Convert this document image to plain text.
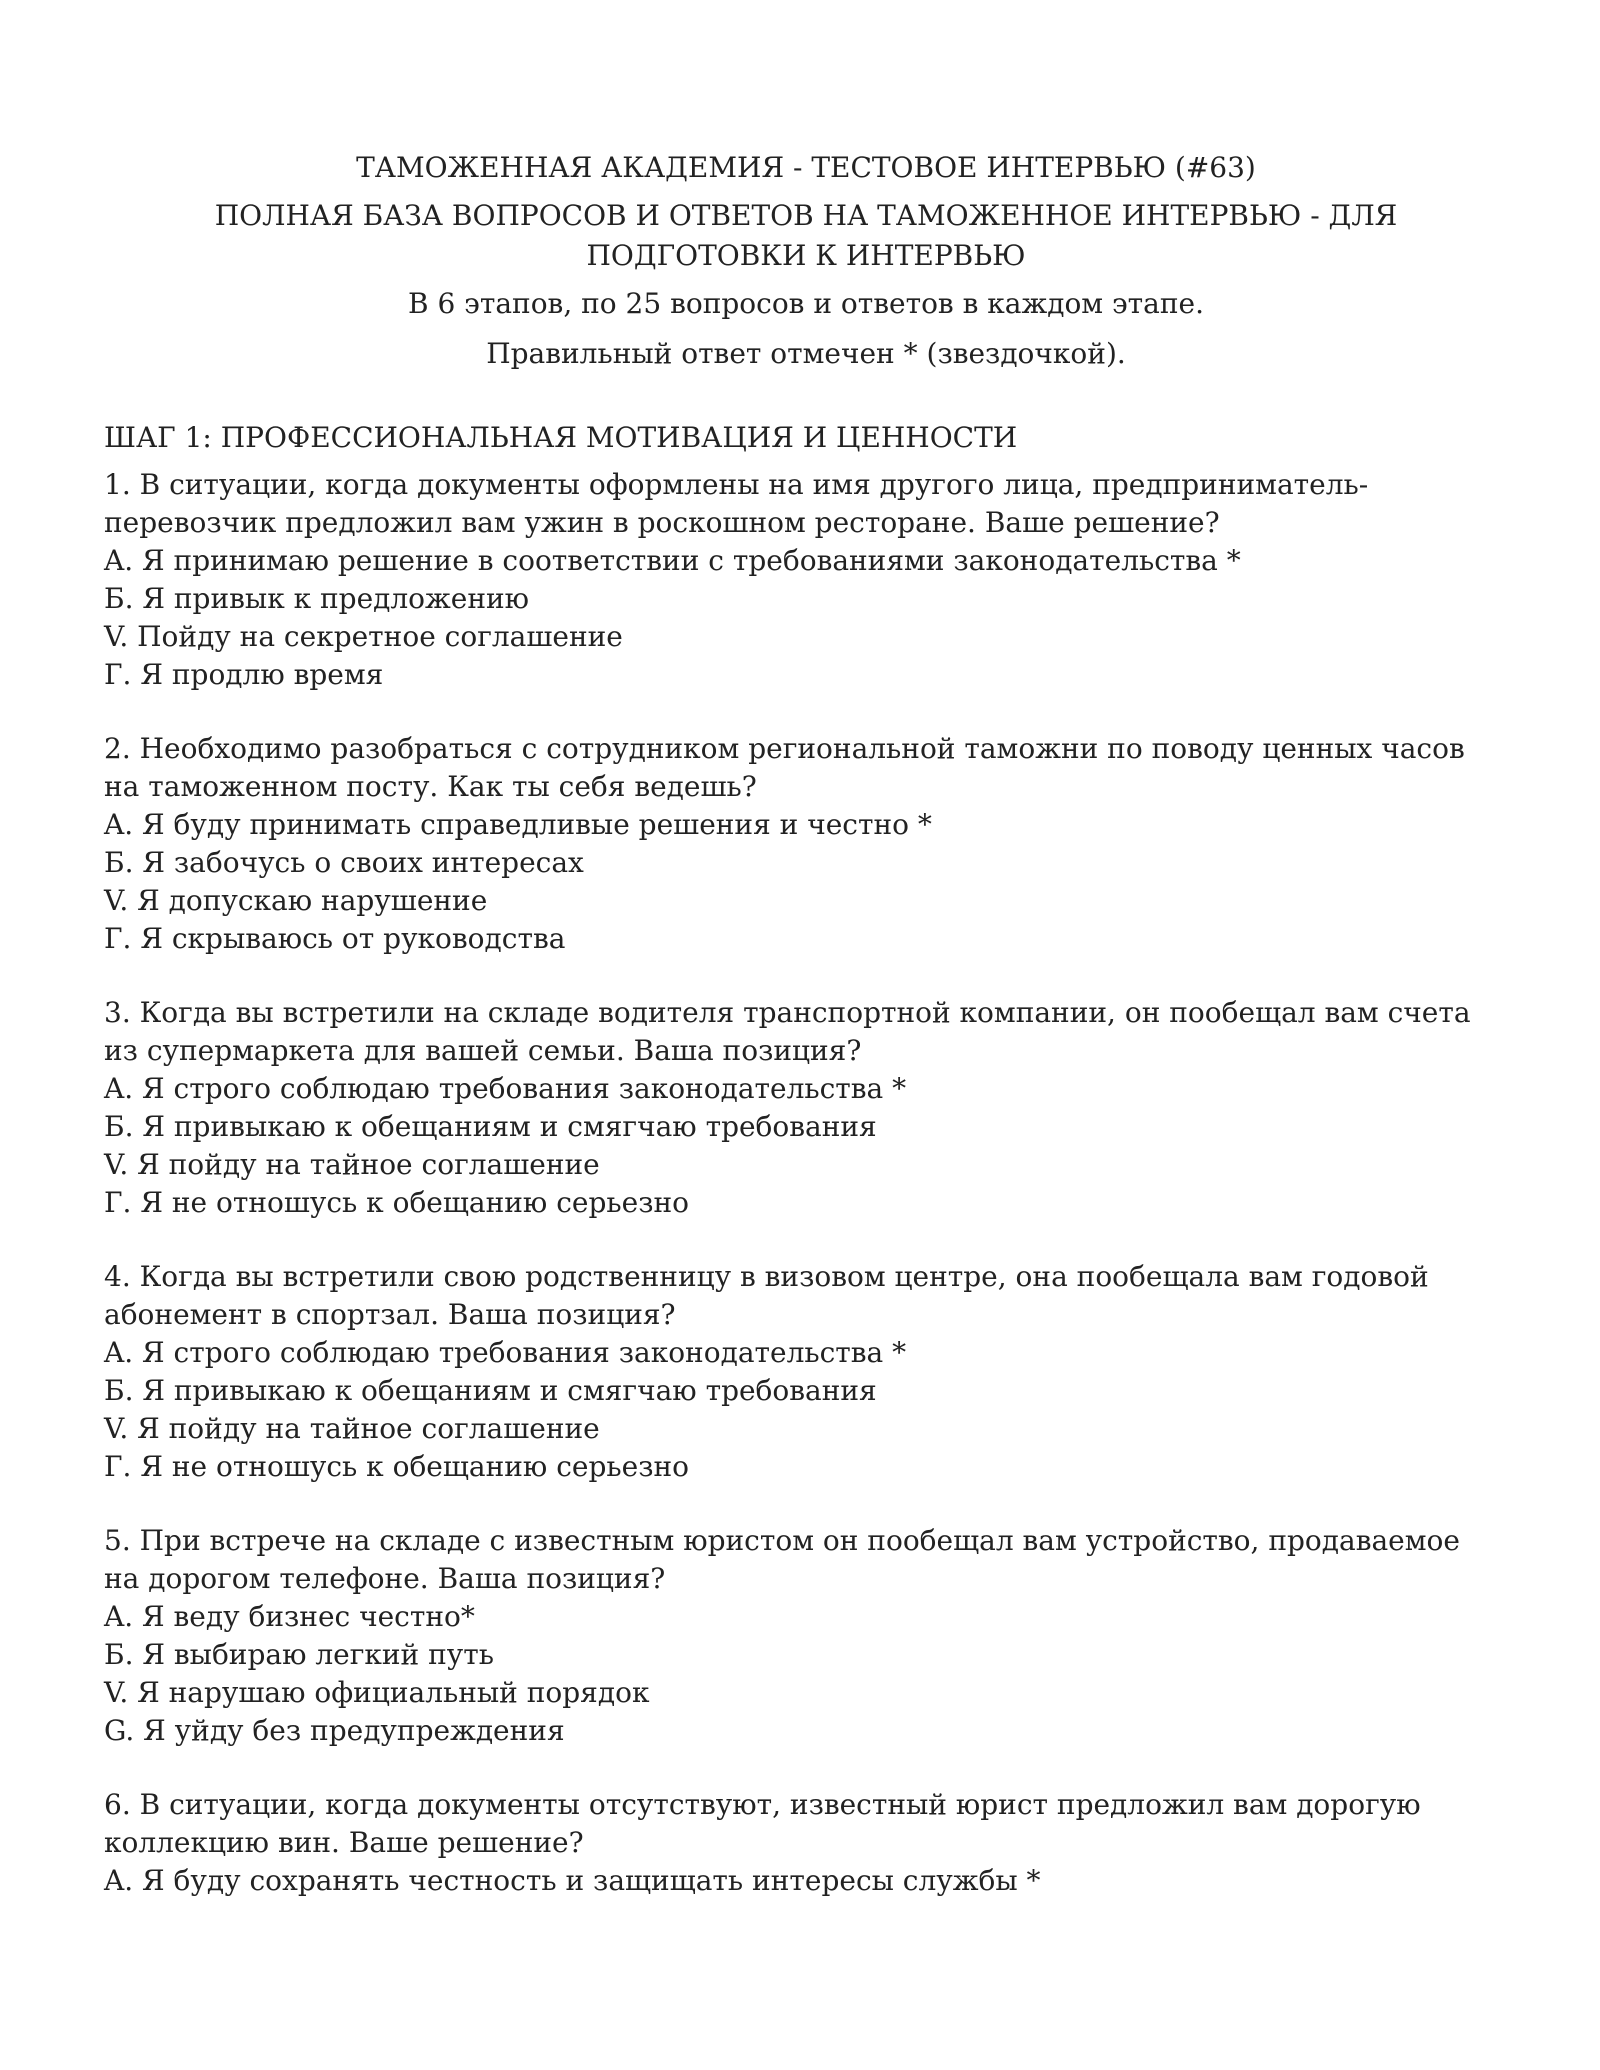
ТАМОЖЕННАЯ АКАДЕМИЯ - ТЕСТОВОЕ ИНТЕРВЬЮ (#63)

ПОЛНАЯ БАЗА ВОПРОСОВ И ОТВЕТОВ НА ТАМОЖЕННОЕ ИНТЕРВЬЮ - ДЛЯ ПОДГОТОВКИ К ИНТЕРВЬЮ

В 6 этапов, по 25 вопросов и ответов в каждом этапе.

Правильный ответ отмечен * (звездочкой).

ШАГ 1: ПРОФЕССИОНАЛЬНАЯ МОТИВАЦИЯ И ЦЕННОСТИ

1. В ситуации, когда документы оформлены на имя другого лица, предприниматель-перевозчик предложил вам ужин в роскошном ресторане. Ваше решение?

A. Я принимаю решение в соответствии с требованиями законодательства *

Б. Я привык к предложению

V. Пойду на секретное соглашение

Г. Я продлю время

2. Необходимо разобраться с сотрудником региональной таможни по поводу ценных часов на таможенном посту. Как ты себя ведешь?

A. Я буду принимать справедливые решения и честно *

Б. Я забочусь о своих интересах

V. Я допускаю нарушение

Г. Я скрываюсь от руководства

3. Когда вы встретили на складе водителя транспортной компании, он пообещал вам счета из супермаркета для вашей семьи. Ваша позиция?

A. Я строго соблюдаю требования законодательства *

Б. Я привыкаю к обещаниям и смягчаю требования

V. Я пойду на тайное соглашение

Г. Я не отношусь к обещанию серьезно

4. Когда вы встретили свою родственницу в визовом центре, она пообещала вам годовой абонемент в спортзал. Ваша позиция?

A. Я строго соблюдаю требования законодательства *

Б. Я привыкаю к обещаниям и смягчаю требования

V. Я пойду на тайное соглашение

Г. Я не отношусь к обещанию серьезно

5. При встрече на складе с известным юристом он пообещал вам устройство, продаваемое на дорогом телефоне. Ваша позиция?

A. Я веду бизнес честно*

Б. Я выбираю легкий путь

V. Я нарушаю официальный порядок

G. Я уйду без предупреждения

6. В ситуации, когда документы отсутствуют, известный юрист предложил вам дорогую коллекцию вин. Ваше решение?

A. Я буду сохранять честность и защищать интересы службы *
